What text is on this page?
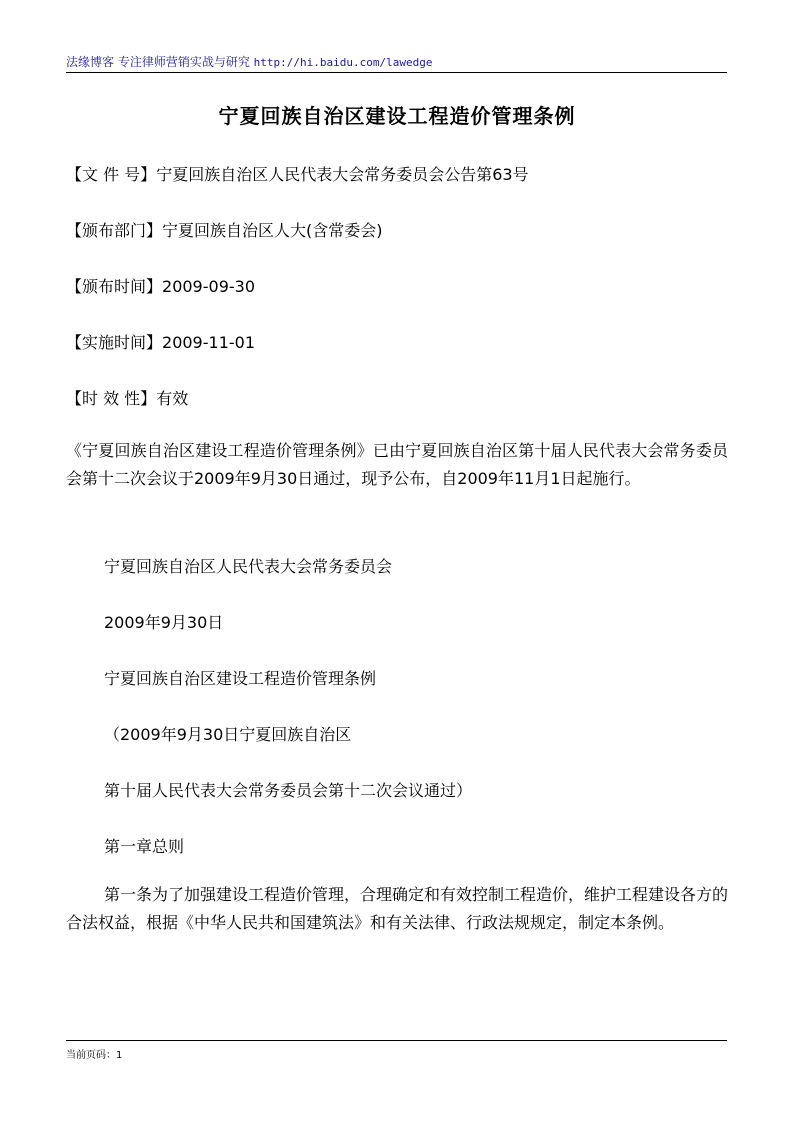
法缘博客 专注律师营销实战与研究 http://hi.baidu.com/lawedge
宁夏回族自治区建设工程造价管理条例
【文 件 号】宁夏回族自治区人民代表大会常务委员会公告第63号
【颁布部门】宁夏回族自治区人大(含常委会)
【颁布时间】2009-09-30
【实施时间】2009-11-01
【时 效 性】有效
《宁夏回族自治区建设工程造价管理条例》已由宁夏回族自治区第十届人民代表大会常务委员会第十二次会议于2009年9月30日通过，现予公布，自2009年11月1日起施行。
宁夏回族自治区人民代表大会常务委员会
2009年9月30日
宁夏回族自治区建设工程造价管理条例
（2009年9月30日宁夏回族自治区
第十届人民代表大会常务委员会第十二次会议通过）
第一章总则
第一条为了加强建设工程造价管理，合理确定和有效控制工程造价，维护工程建设各方的合法权益，根据《中华人民共和国建筑法》和有关法律、行政法规规定，制定本条例。
当前页码：1
